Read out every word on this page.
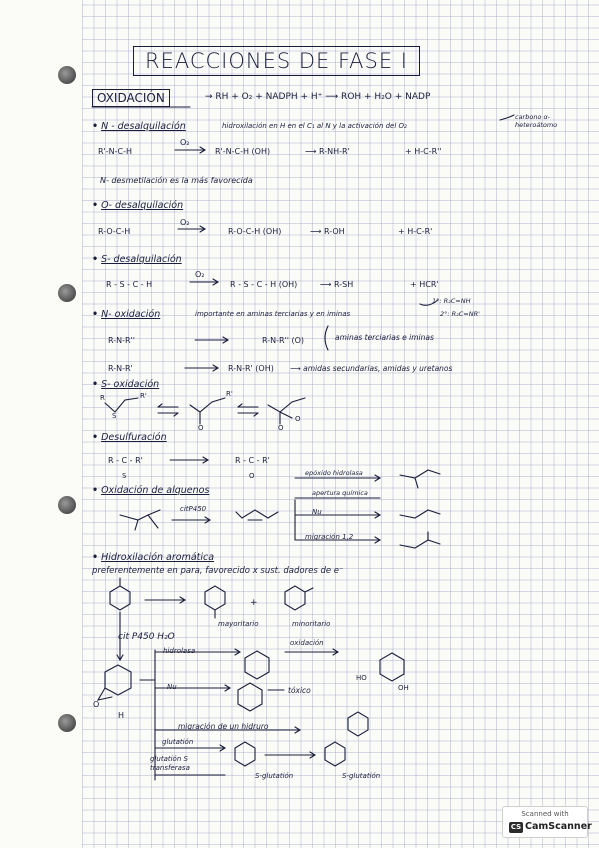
REACCIONES DE FASE I
OXIDACIÓN	→ RH + O₂ + NADPH + H⁺ ⟶ ROH + H₂O + NADP
carbono α-heteroátomo
• N - desalquilación	hidroxilación en H en el C₁ al N y la activación del O₂
R'-N-C-H
O₂
R'-N-C-H (OH)	⟶ R-NH-R'	+ H-C-R''
N- desmetilación es la más favorecida
• O- desalquilación
R-O-C-H
O₂
R-O-C-H (OH)	⟶ R-OH	+ H-C-R'
• S- desalquilación
R - S - C - H
O₂
R - S - C - H (OH)	⟶ R-SH	+ HCR'
• N- oxidación	importante en aminas terciarias y en iminas
1°: R₂C=NH
2°: R₂C=NR'
R-N-R''	R-N-R'' (O)	aminas terciarias e iminas
R-N-R'	R-N-R' (OH) ⟶ amidas secundarias, amidas y uretanos
• S- oxidación
• Desulfuración
R - C - R'	R - C - R'
• Oxidación de alquenos
citP450
epóxido hidrolasa
apertura química
Nu
migración 1,2
• Hidroxilación aromática
preferentemente en para, favorecido x sust. dadores de e⁻
cit P450 H₂O
mayoritario	minoritario
oxidación
hidrolasa
Nu	tóxico
migración de un hidruro
glutatión
glutatión S transferasa
S-glutatión	S-glutatión
O
H
R
S
R'
O
R'
O
O
S	O
+
HO
OH
Scanned with
CS CamScanner
